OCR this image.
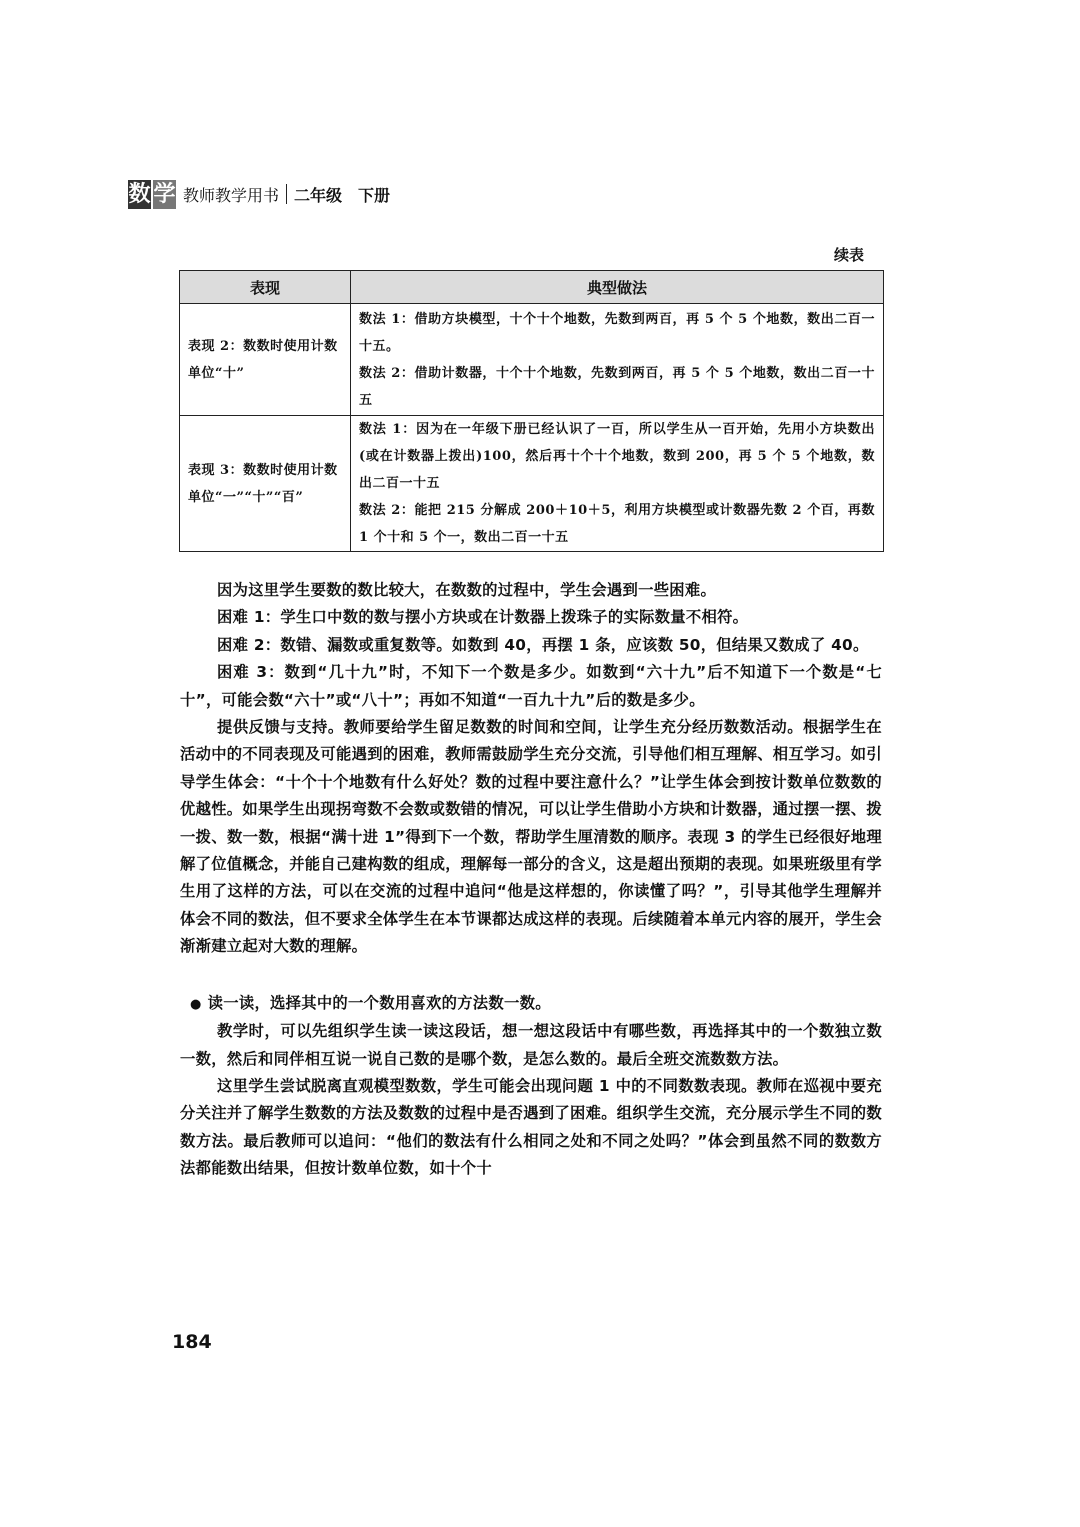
数 学 教师教学用书 二年级　下册
续表
表现	典型做法
表现 2：数数时使用计数单位“十”	数法 1：借助方块模型，十个十个地数，先数到两百，再 5 个 5 个地数，数出二百一十五。
数法 2：借助计数器，十个十个地数，先数到两百，再 5 个 5 个地数，数出二百一十五

表现 3：数数时使用计数单位“一”“十”“百”	数法 1：因为在一年级下册已经认识了一百，所以学生从一百开始，先用小方块数出(或在计数器上拨出)100，然后再十个十个地数，数到 200，再 5 个 5 个地数，数出二百一十五
数法 2：能把 215 分解成 200＋10＋5，利用方块模型或计数器先数 2 个百，再数 1 个十和 5 个一，数出二百一十五

因为这里学生要数的数比较大，在数数的过程中，学生会遇到一些困难。

困难 1：学生口中数的数与摆小方块或在计数器上拨珠子的实际数量不相符。

困难 2：数错、漏数或重复数等。如数到 40，再摆 1 条，应该数 50，但结果又数成了 40。

困难 3：数到“几十九”时，不知下一个数是多少。如数到“六十九”后不知道下一个数是“七十”，可能会数“六十”或“八十”；再如不知道“一百九十九”后的数是多少。

提供反馈与支持。教师要给学生留足数数的时间和空间，让学生充分经历数数活动。根据学生在活动中的不同表现及可能遇到的困难，教师需鼓励学生充分交流，引导他们相互理解、相互学习。如引导学生体会：“十个十个地数有什么好处？数的过程中要注意什么？”让学生体会到按计数单位数数的优越性。如果学生出现拐弯数不会数或数错的情况，可以让学生借助小方块和计数器，通过摆一摆、拨一拨、数一数，根据“满十进 1”得到下一个数，帮助学生厘清数的顺序。表现 3 的学生已经很好地理解了位值概念，并能自己建构数的组成，理解每一部分的含义，这是超出预期的表现。如果班级里有学生用了这样的方法，可以在交流的过程中追问“他是这样想的，你读懂了吗？”，引导其他学生理解并体会不同的数法，但不要求全体学生在本节课都达成这样的表现。后续随着本单元内容的展开，学生会渐渐建立起对大数的理解。

● 读一读，选择其中的一个数用喜欢的方法数一数。

教学时，可以先组织学生读一读这段话，想一想这段话中有哪些数，再选择其中的一个数独立数一数，然后和同伴相互说一说自己数的是哪个数，是怎么数的。最后全班交流数数方法。

这里学生尝试脱离直观模型数数，学生可能会出现问题 1 中的不同数数表现。教师在巡视中要充分关注并了解学生数数的方法及数数的过程中是否遇到了困难。组织学生交流，充分展示学生不同的数数方法。最后教师可以追问：“他们的数法有什么相同之处和不同之处吗？”体会到虽然不同的数数方法都能数出结果，但按计数单位数，如十个十

184
